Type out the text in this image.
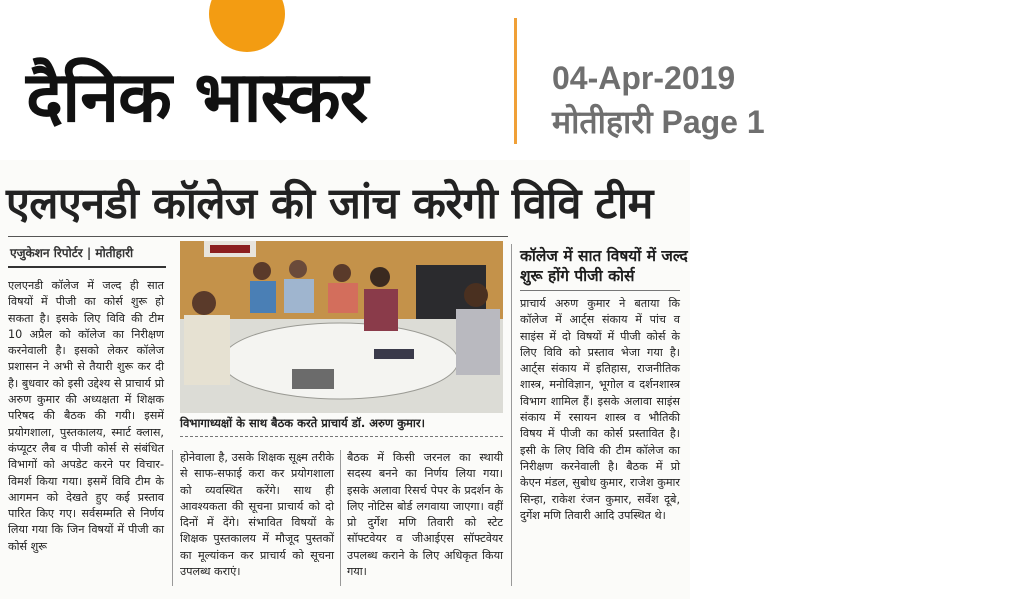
दैनिक भास्कर	04-Apr-2019
मोतीहारी Page 1
एलएनडी कॉलेज की जांच करेगी विवि टीम
एजुकेशन रिपोर्टर | मोतीहारी
एलएनडी कॉलेज में जल्द ही सात विषयों में पीजी का कोर्स शुरू हो सकता है। इसके लिए विवि की टीम 10 अप्रैल को कॉलेज का निरीक्षण करनेवाली है। इसको लेकर कॉलेज प्रशासन ने अभी से तैयारी शुरू कर दी है। बुधवार को इसी उद्देश्य से प्राचार्य प्रो अरुण कुमार की अध्यक्षता में शिक्षक परिषद की बैठक की गयी। इसमें प्रयोगशाला, पुस्तकालय, स्मार्ट क्लास, कंप्यूटर लैब व पीजी कोर्स से संबंधित विभागों को अपडेट करने पर विचार-विमर्श किया गया। इसमें विवि टीम के आगमन को देखते हुए कई प्रस्ताव पारित किए गए। सर्वसम्मति से निर्णय लिया गया कि जिन विषयों में पीजी का कोर्स शुरू
विभागाध्यक्षों के साथ बैठक करते प्राचार्य डॉ. अरुण कुमार।
होनेवाला है, उसके शिक्षक सूक्ष्म तरीके से साफ-सफाई करा कर प्रयोगशाला को व्यवस्थित करेंगे। साथ ही आवश्यकता की सूचना प्राचार्य को दो दिनों में देंगे। संभावित विषयों के शिक्षक पुस्तकालय में मौजूद पुस्तकों का मूल्यांकन कर प्राचार्य को सूचना उपलब्ध कराएं।
बैठक में किसी जरनल का स्थायी सदस्य बनने का निर्णय लिया गया। इसके अलावा रिसर्च पेपर के प्रदर्शन के लिए नोटिस बोर्ड लगवाया जाएगा। वहीं प्रो दुर्गेश मणि तिवारी को स्टेट सॉफ्टवेयर व जीआईएस सॉफ्टवेयर उपलब्ध कराने के लिए अधिकृत किया गया।
कॉलेज में सात विषयों में जल्द शुरू होंगे पीजी कोर्स
प्राचार्य अरुण कुमार ने बताया कि कॉलेज में आर्ट्स संकाय में पांच व साइंस में दो विषयों में पीजी कोर्स के लिए विवि को प्रस्ताव भेजा गया है। आर्ट्स संकाय में इतिहास, राजनीतिक शास्त्र, मनोविज्ञान, भूगोल व दर्शनशास्त्र विभाग शामिल हैं। इसके अलावा साइंस संकाय में रसायन शास्त्र व भौतिकी विषय में पीजी का कोर्स प्रस्तावित है। इसी के लिए विवि की टीम कॉलेज का निरीक्षण करनेवाली है। बैठक में प्रो केएन मंडल, सुबोध कुमार, राजेश कुमार सिन्हा, राकेश रंजन कुमार, सर्वेश दूबे, दुर्गेश मणि तिवारी आदि उपस्थित थे।
